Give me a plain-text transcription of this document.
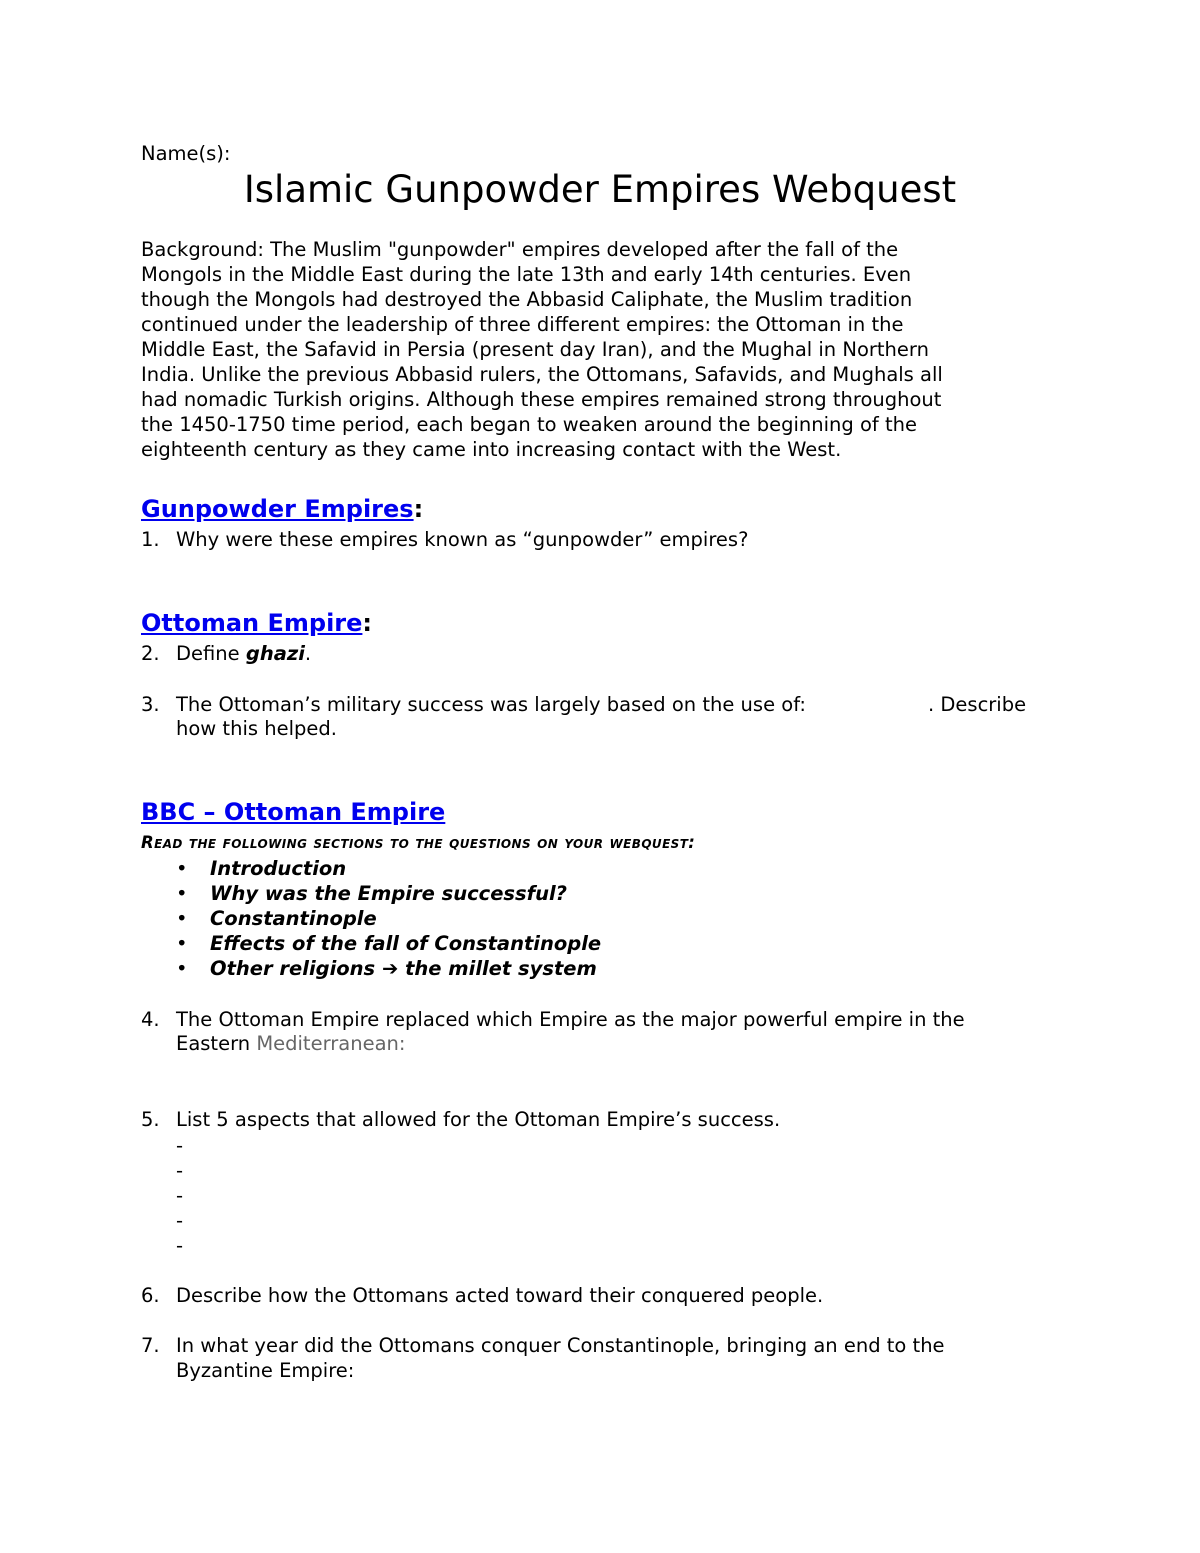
Name(s):
Islamic Gunpowder Empires Webquest
Background: The Muslim "gunpowder" empires developed after the fall of the
Mongols in the Middle East during the late 13th and early 14th centuries. Even
though the Mongols had destroyed the Abbasid Caliphate, the Muslim tradition
continued under the leadership of three different empires: the Ottoman in the
Middle East, the Safavid in Persia (present day Iran), and the Mughal in Northern
India. Unlike the previous Abbasid rulers, the Ottomans, Safavids, and Mughals all
had nomadic Turkish origins. Although these empires remained strong throughout
the 1450-1750 time period, each began to weaken around the beginning of the
eighteenth century as they came into increasing contact with the West.
Gunpowder Empires:
1. Why were these empires known as “gunpowder” empires?
Ottoman Empire:
2. Define ghazi.
3. The Ottoman’s military success was largely based on the use of:	. Describe
how this helped.
BBC – Ottoman Empire
Read the following sections to the questions on your webquest:
• Introduction
• Why was the Empire successful?
• Constantinople
• Effects of the fall of Constantinople
• Other religions ➔ the millet system
4. The Ottoman Empire replaced which Empire as the major powerful empire in the
Eastern Mediterranean:
5. List 5 aspects that allowed for the Ottoman Empire’s success.
-
-
-
-
-
6. Describe how the Ottomans acted toward their conquered people.
7. In what year did the Ottomans conquer Constantinople, bringing an end to the
Byzantine Empire:
